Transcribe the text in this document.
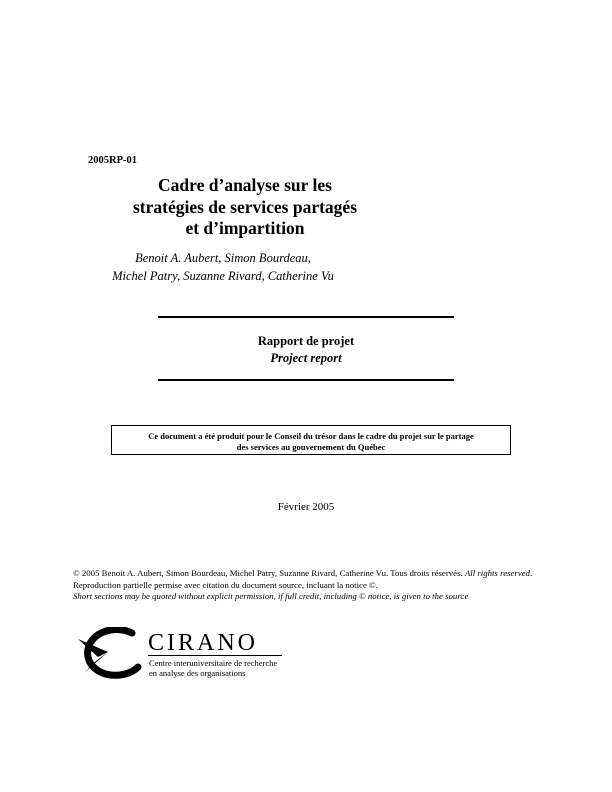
2005RP-01
Cadre d’analyse sur les
stratégies de services partagés
et d’impartition
Benoit A. Aubert, Simon Bourdeau,
Michel Patry, Suzanne Rivard, Catherine Vu
Rapport de projet
Project report
Ce document a été produit pour le Conseil du trésor dans le cadre du projet sur le partage
des services au gouvernement du Québec
Février 2005
© 2005 Benoit A. Aubert, Simon Bourdeau, Michel Patry, Suzanne Rivard, Catherine Vu. Tous droits réservés. All rights reserved. Reproduction partielle permise avec citation du document source, incluant la notice ©.
Short sections may be quoted without explicit permission, if full credit, including © notice, is given to the source
CIRANO
Centre interuniversitaire de recherche
en analyse des organisations
